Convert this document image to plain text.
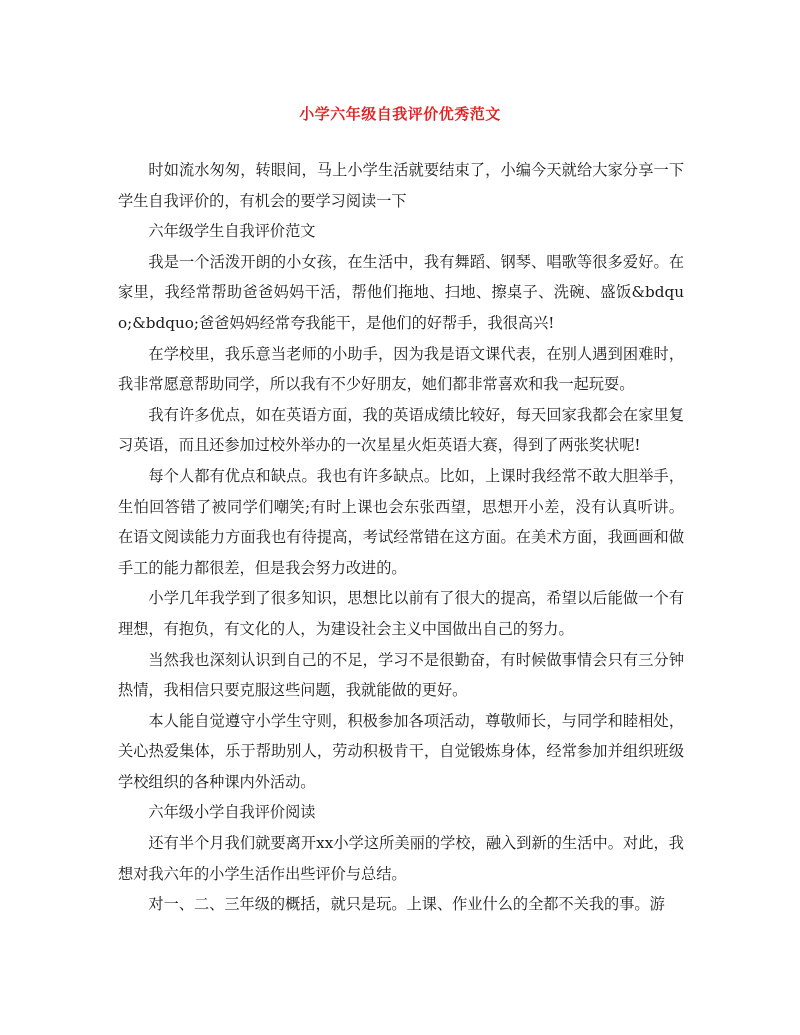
小学六年级自我评价优秀范文

时如流水匆匆，转眼间，马上小学生活就要结束了，小编今天就给大家分享一下学生自我评价的，有机会的要学习阅读一下

六年级学生自我评价范文

我是一个活泼开朗的小女孩，在生活中，我有舞蹈、钢琴、唱歌等很多爱好。在家里，我经常帮助爸爸妈妈干活，帮他们拖地、扫地、擦桌子、洗碗、盛饭&bdquo;&bdquo;爸爸妈妈经常夸我能干，是他们的好帮手，我很高兴!

在学校里，我乐意当老师的小助手，因为我是语文课代表，在别人遇到困难时，我非常愿意帮助同学，所以我有不少好朋友，她们都非常喜欢和我一起玩耍。

我有许多优点，如在英语方面，我的英语成绩比较好，每天回家我都会在家里复习英语，而且还参加过校外举办的一次星星火炬英语大赛，得到了两张奖状呢!

每个人都有优点和缺点。我也有许多缺点。比如，上课时我经常不敢大胆举手，生怕回答错了被同学们嘲笑;有时上课也会东张西望，思想开小差，没有认真听讲。在语文阅读能力方面我也有待提高，考试经常错在这方面。在美术方面，我画画和做手工的能力都很差，但是我会努力改进的。

小学几年我学到了很多知识，思想比以前有了很大的提高，希望以后能做一个有理想，有抱负，有文化的人，为建设社会主义中国做出自己的努力。

当然我也深刻认识到自己的不足，学习不是很勤奋，有时候做事情会只有三分钟热情，我相信只要克服这些问题，我就能做的更好。

本人能自觉遵守小学生守则，积极参加各项活动，尊敬师长，与同学和睦相处，关心热爱集体，乐于帮助别人，劳动积极肯干，自觉锻炼身体，经常参加并组织班级学校组织的各种课内外活动。

六年级小学自我评价阅读

还有半个月我们就要离开xx小学这所美丽的学校，融入到新的生活中。对此，我想对我六年的小学生活作出些评价与总结。

对一、二、三年级的概括，就只是玩。上课、作业什么的全都不关我的事。游
